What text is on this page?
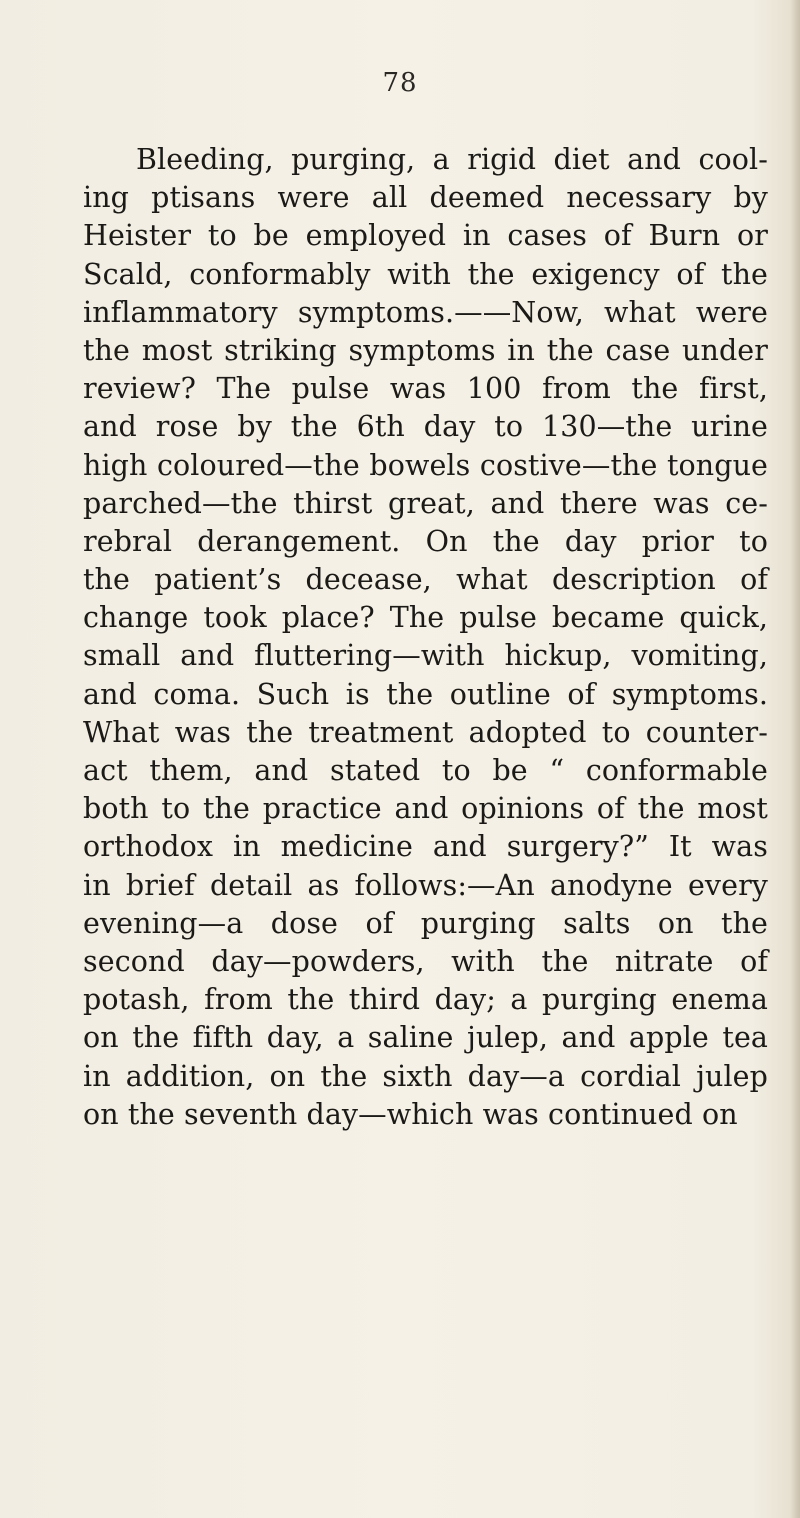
78
Bleeding, purging, a rigid diet and cool-
ing ptisans were all deemed necessary by
Heister to be employed in cases of Burn or
Scald, conformably with the exigency of the
inflammatory symptoms.——Now, what were
the most striking symptoms in the case under
review? The pulse was 100 from the first,
and rose by the 6th day to 130—the urine
high coloured—the bowels costive—the tongue
parched—the thirst great, and there was ce-
rebral derangement. On the day prior to
the patient’s decease, what description of
change took place? The pulse became quick,
small and fluttering—with hickup, vomiting,
and coma. Such is the outline of symptoms.
What was the treatment adopted to counter-
act them, and stated to be “ conformable
both to the practice and opinions of the most
orthodox in medicine and surgery?” It was
in brief detail as follows:—An anodyne every
evening—a dose of purging salts on the
second day—powders, with the nitrate of
potash, from the third day; a purging enema
on the fifth day, a saline julep, and apple tea
in addition, on the sixth day—a cordial julep
on the seventh day—which was continued on
